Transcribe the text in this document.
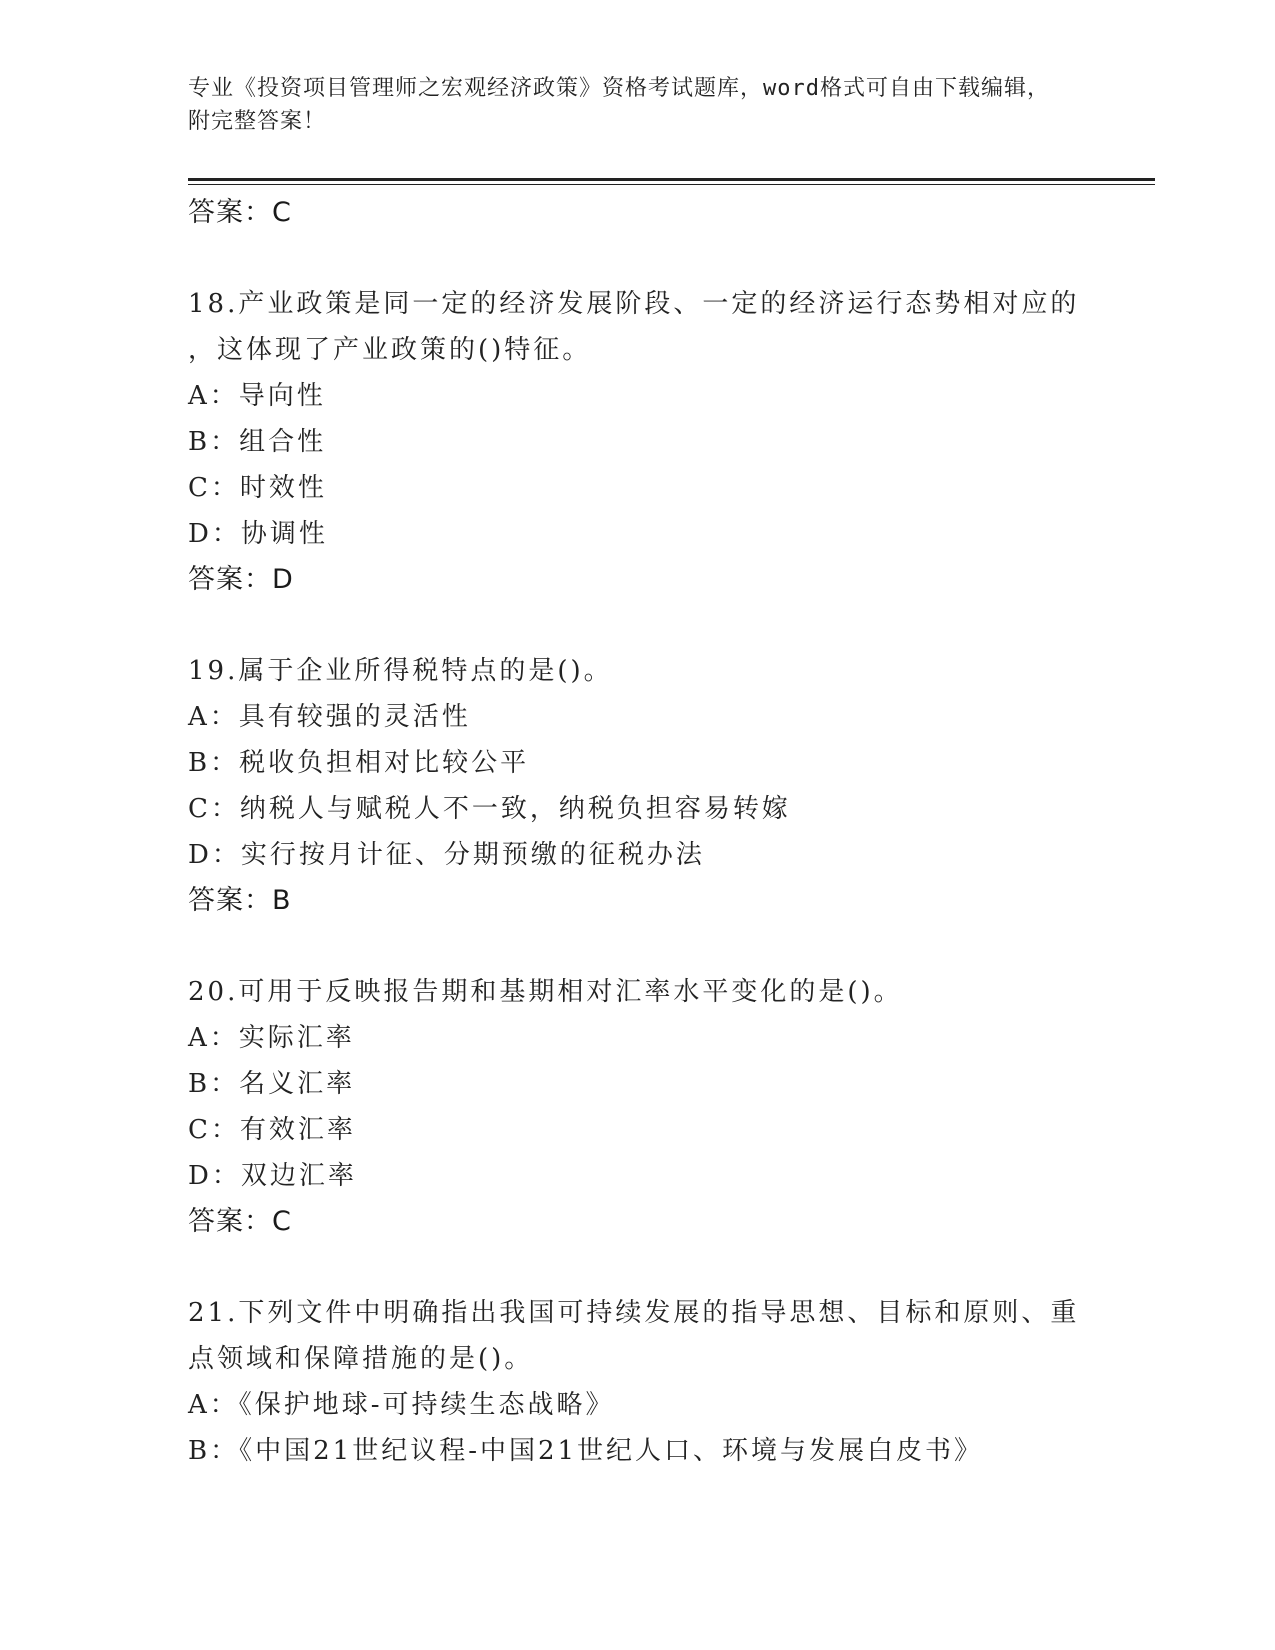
专业《投资项目管理师之宏观经济政策》资格考试题库，word格式可自由下载编辑，附完整答案！
答案：C
18.产业政策是同一定的经济发展阶段、一定的经济运行态势相对应的
，这体现了产业政策的()特征。
A：导向性
B：组合性
C：时效性
D：协调性
答案：D
19.属于企业所得税特点的是()。
A：具有较强的灵活性
B：税收负担相对比较公平
C：纳税人与赋税人不一致，纳税负担容易转嫁
D：实行按月计征、分期预缴的征税办法
答案：B
20.可用于反映报告期和基期相对汇率水平变化的是()。
A：实际汇率
B：名义汇率
C：有效汇率
D：双边汇率
答案：C
21.下列文件中明确指出我国可持续发展的指导思想、目标和原则、重
点领域和保障措施的是()。
A：《保护地球-可持续生态战略》
B：《中国21世纪议程-中国21世纪人口、环境与发展白皮书》
